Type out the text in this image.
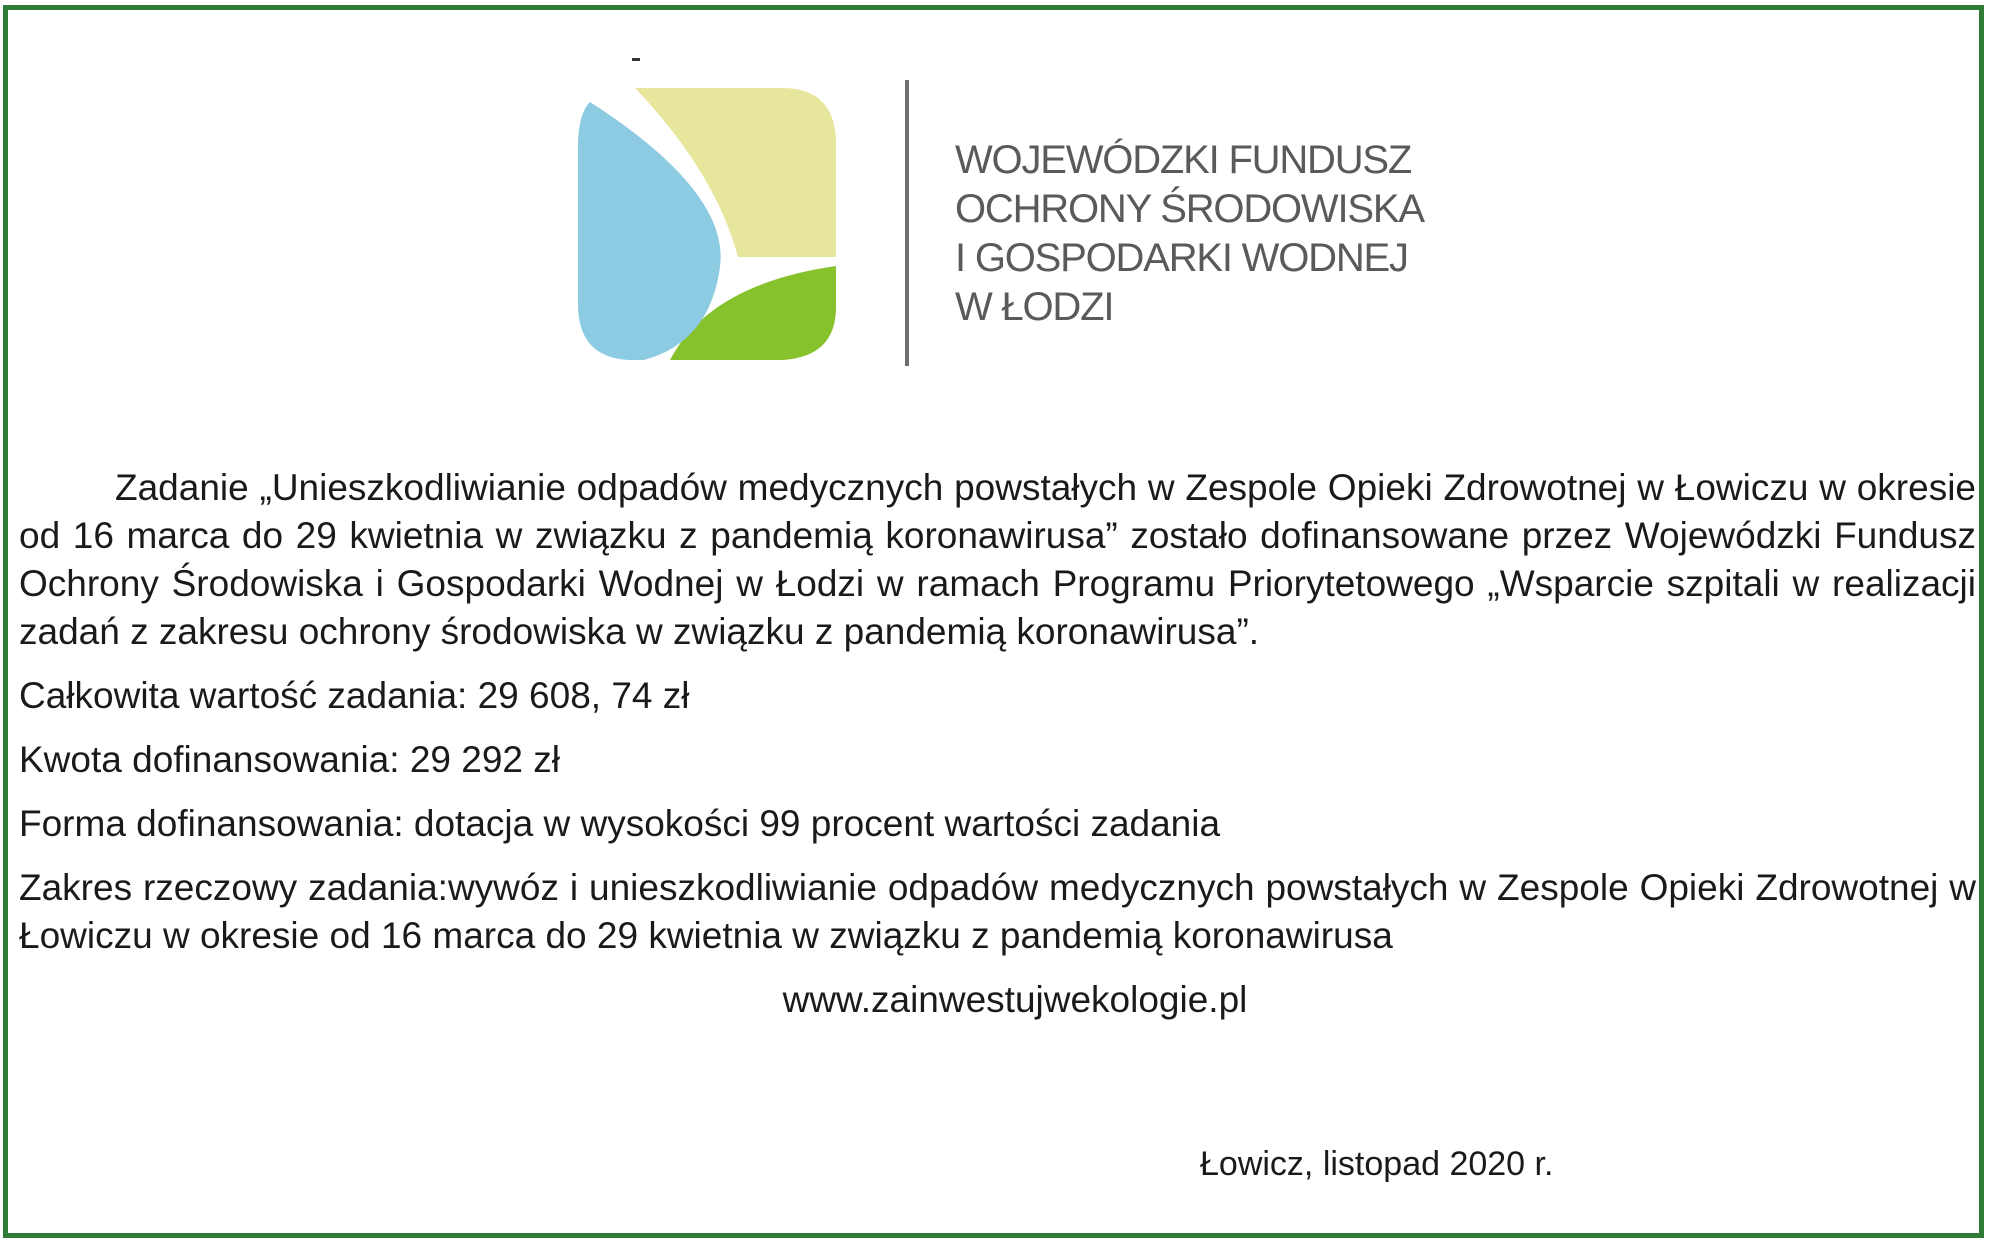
WOJEWÓDZKI FUNDUSZ
OCHRONY ŚRODOWISKA
I GOSPODARKI WODNEJ
W ŁODZI

Zadanie „Unieszkodliwianie odpadów medycznych powstałych w Zespole Opieki Zdrowotnej w Łowiczu w okresie od 16 marca do 29 kwietnia w związku z pandemią koronawirusa” zostało dofinansowane przez Wojewódzki Fundusz Ochrony Środowiska i Gospodarki Wodnej w Łodzi w ramach Programu Priorytetowego „Wsparcie szpitali w realizacji zadań z zakresu ochrony środowiska w związku z pandemią koronawirusa”.

Całkowita wartość zadania: 29 608, 74 zł

Kwota dofinansowania: 29 292 zł

Forma dofinansowania: dotacja w wysokości 99 procent wartości zadania

Zakres rzeczowy zadania:wywóz i unieszkodliwianie odpadów medycznych powstałych w Zespole Opieki Zdrowotnej w Łowiczu w okresie od 16 marca do 29 kwietnia w związku z pandemią koronawirusa

www.zainwestujwekologie.pl

Łowicz, listopad 2020 r.
